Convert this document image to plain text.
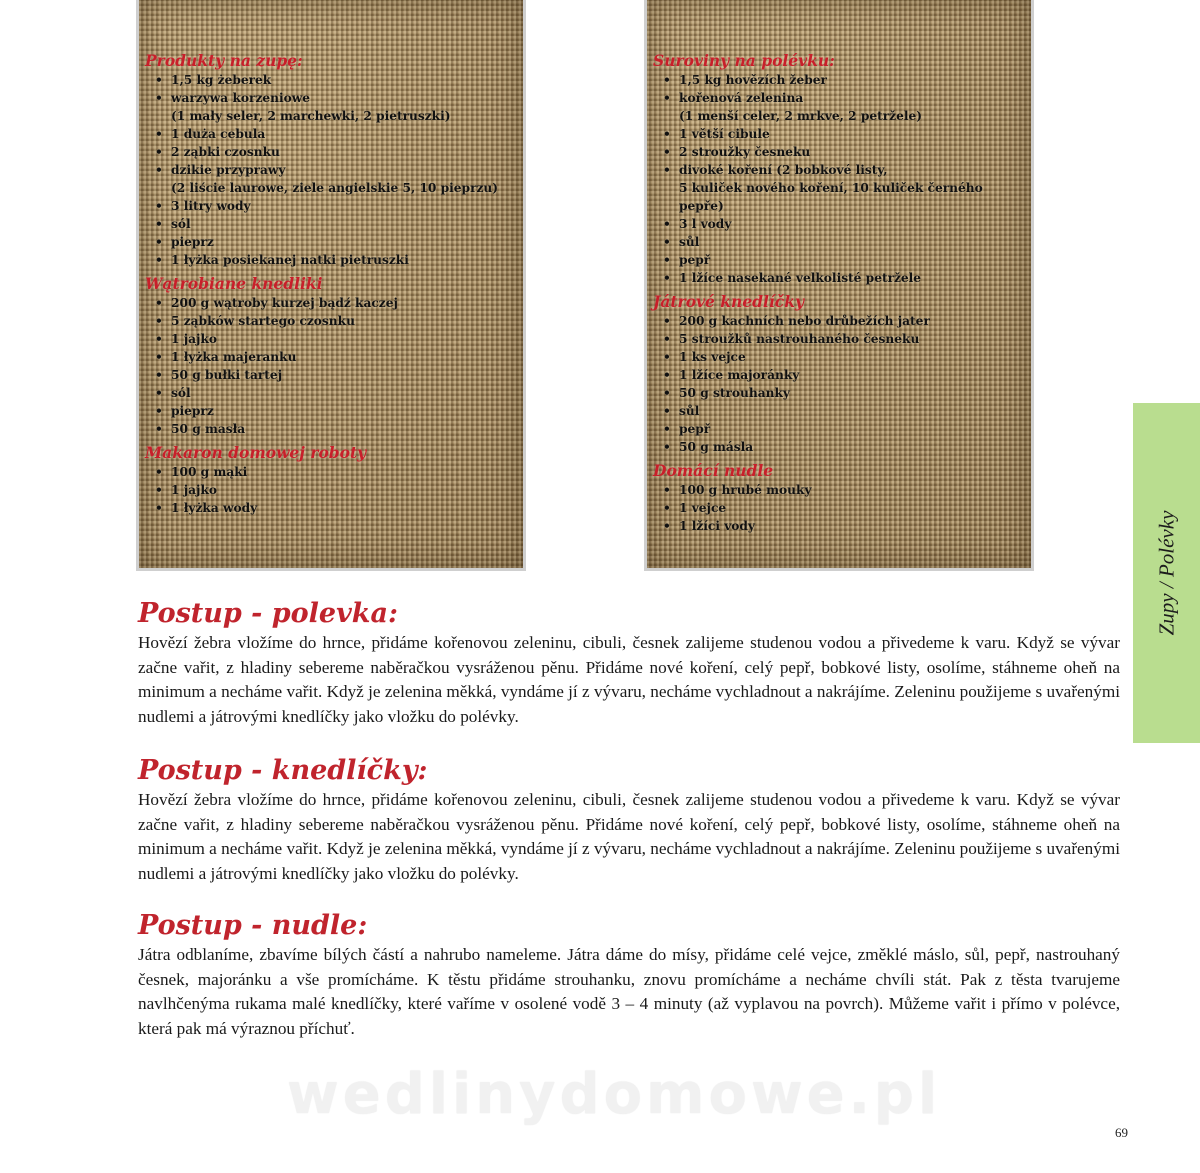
Produkty na zupę:
• 1,5 kg żeberek
• warzywa korzeniowe
(1 mały seler, 2 marchewki, 2 pietruszki)
• 1 duża cebula
• 2 ząbki czosnku
• dzikie przyprawy
(2 liście laurowe, ziele angielskie 5, 10 pieprzu)
• 3 litry wody
• sól
• pieprz
• 1 łyżka posiekanej natki pietruszki
Wątrobiane knedliki
• 200 g wątroby kurzej bądź kaczej
• 5 ząbków startego czosnku
• 1 jajko
• 1 łyżka majeranku
• 50 g bułki tartej
• sól
• pieprz
• 50 g masła
Makaron domowej roboty
• 100 g mąki
• 1 jajko
• 1 łyżka wody
Suroviny na polévku:
• 1,5 kg hovězích žeber
• kořenová zelenina
(1 menší celer, 2 mrkve, 2 petržele)
• 1 větší cibule
• 2 stroužky česneku
• divoké koření (2 bobkové listy,
5 kuliček nového koření, 10 kuliček černého pepře)
• 3 l vody
• sůl
• pepř
• 1 lžíce nasekané velkolisté petržele
Játrové knedlíčky
• 200 g kachních nebo drůbežích jater
• 5 stroužků nastrouhaného česneku
• 1 ks vejce
• 1 lžíce majoránky
• 50 g strouhanky
• sůl
• pepř
• 50 g másla
Domácí nudle
• 100 g hrubé mouky
• 1 vejce
• 1 lžíci vody
Postup - polevka:

Hovězí žebra vložíme do hrnce, přidáme kořenovou zeleninu, cibuli, česnek zalijeme studenou vodou a přivedeme k varu. Když se vývar začne vařit, z hladiny sebereme naběračkou vysráženou pěnu. Přidáme nové koření, celý pepř, bobkové listy, osolíme, stáhneme oheň na minimum a necháme vařit. Když je zelenina měkká, vyndáme jí z vývaru, necháme vychladnout a nakrájíme. Zeleninu použijeme s uvařenými nudlemi a játrovými knedlíčky jako vložku do polévky.

Postup - knedlíčky:

Hovězí žebra vložíme do hrnce, přidáme kořenovou zeleninu, cibuli, česnek zalijeme studenou vodou a přivedeme k varu. Když se vývar začne vařit, z hladiny sebereme naběračkou vysráženou pěnu. Přidáme nové koření, celý pepř, bobkové listy, osolíme, stáhneme oheň na minimum a necháme vařit. Když je zelenina měkká, vyndáme jí z vývaru, necháme vychladnout a nakrájíme. Zeleninu použijeme s uvařenými nudlemi a játrovými knedlíčky jako vložku do polévky.

Postup - nudle:

Játra odblaníme, zbavíme bílých částí a nahrubo nameleme. Játra dáme do mísy, přidáme celé vejce, změklé máslo, sůl, pepř, nastrouhaný česnek, majoránku a vše promícháme. K těstu přidáme strouhanku, znovu promícháme a necháme chvíli stát. Pak z těsta tvarujeme navlhčenýma rukama malé knedlíčky, které vaříme v osolené vodě 3 – 4 minuty (až vyplavou na povrch). Můžeme vařit i přímo v polévce, která pak má výraznou příchuť.

Zupy / Polévky
wedlinydomowe.pl
69
